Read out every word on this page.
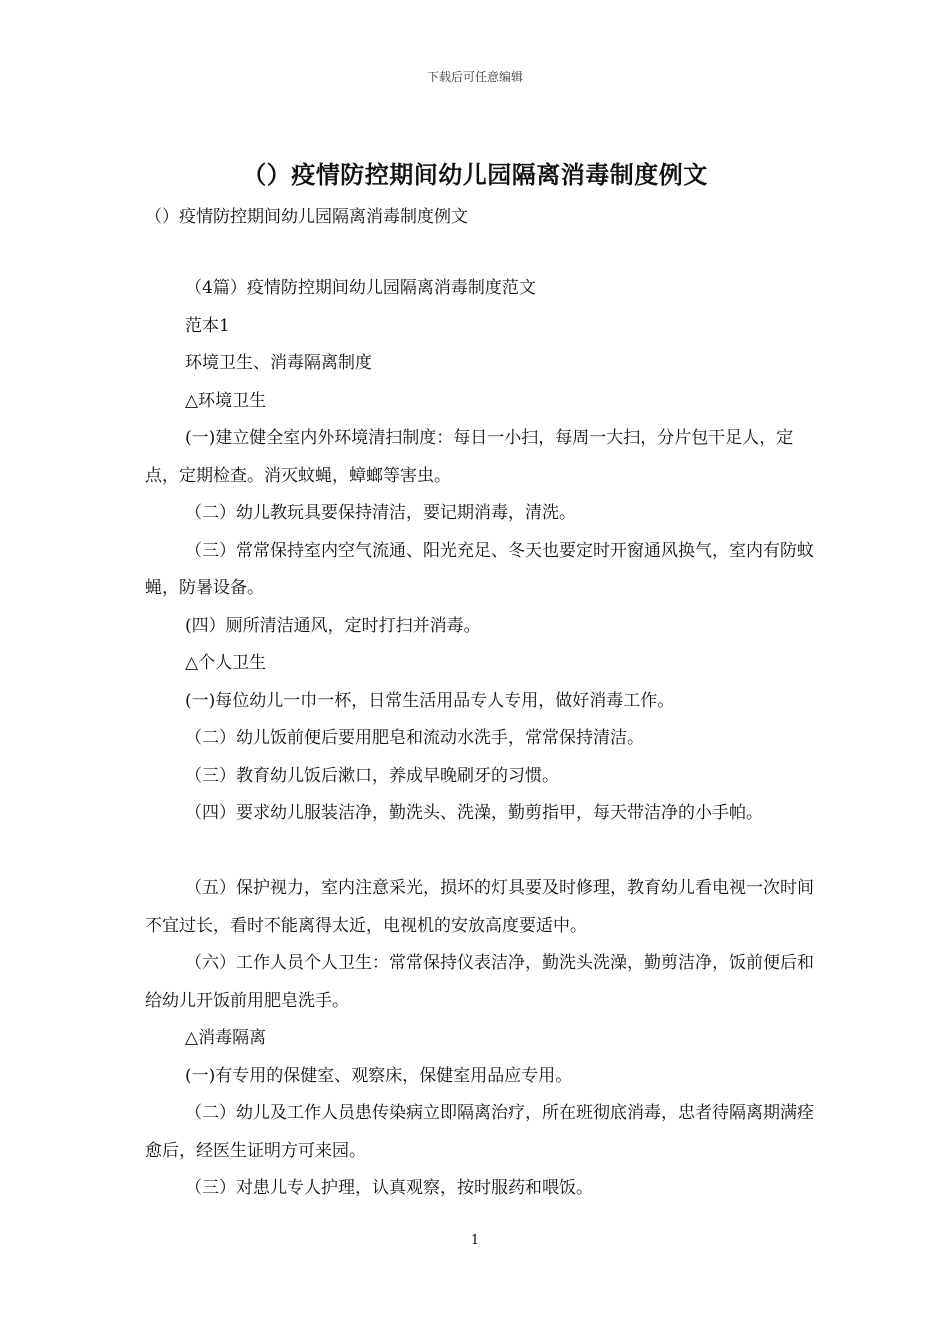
下载后可任意编辑
（）疫情防控期间幼儿园隔离消毒制度例文
（）疫情防控期间幼儿园隔离消毒制度例文

（4篇）疫情防控期间幼儿园隔离消毒制度范文

范本1

环境卫生、消毒隔离制度

△环境卫生

(一)建立健全室内外环境清扫制度：每日一小扫，每周一大扫，分片包干足人，定点，定期检查。消灭蚊蝇，蟑螂等害虫。

（二）幼儿教玩具要保持清洁，要记期消毒，清洗。

（三）常常保持室内空气流通、阳光充足、冬天也要定时开窗通风换气，室内有防蚊蝇，防暑设备。

(四）厕所清洁通风，定时打扫并消毒。

△个人卫生

(一)每位幼儿一巾一杯，日常生活用品专人专用，做好消毒工作。

（二）幼儿饭前便后要用肥皂和流动水洗手，常常保持清洁。

（三）教育幼儿饭后漱口，养成早晚刷牙的习惯。

（四）要求幼儿服装洁净，勤洗头、洗澡，勤剪指甲，每天带洁净的小手帕。

（五）保护视力，室内注意采光，损坏的灯具要及时修理，教育幼儿看电视一次时间不宜过长，看时不能离得太近，电视机的安放高度要适中。

（六）工作人员个人卫生：常常保持仪表洁净，勤洗头洗澡，勤剪洁净，饭前便后和给幼儿开饭前用肥皂洗手。

△消毒隔离

(一)有专用的保健室、观察床，保健室用品应专用。

（二）幼儿及工作人员患传染病立即隔离治疗，所在班彻底消毒，忠者待隔离期满痊愈后，经医生证明方可来园。

（三）对患儿专人护理，认真观察，按时服药和喂饭。

1
